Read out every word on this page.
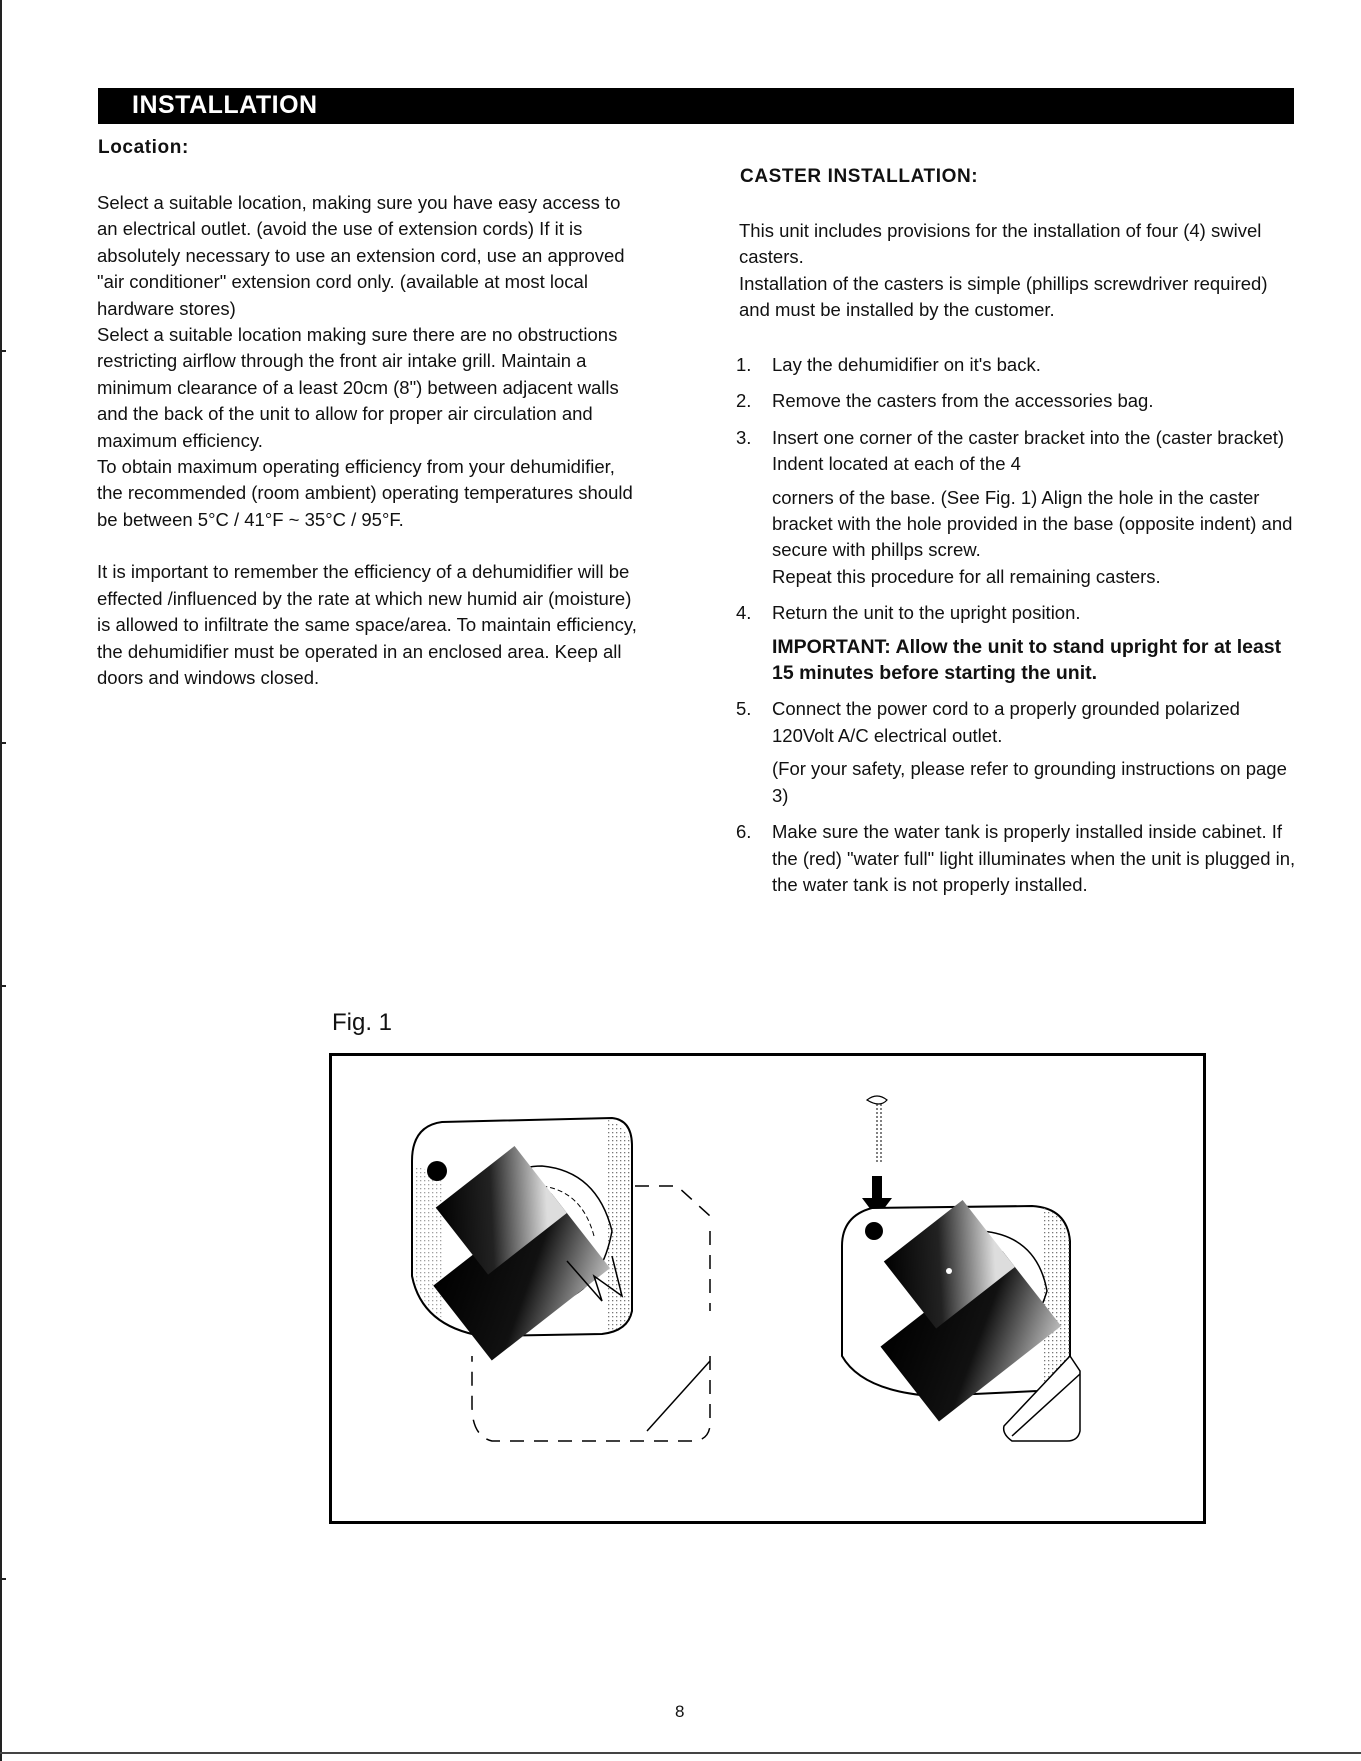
INSTALLATION
Location:

Select a suitable location, making sure you have easy access to an electrical outlet. (avoid the use of extension cords) If it is absolutely necessary to use an extension cord, use an approved "air conditioner" extension cord only. (available at most local hardware stores)

Select a suitable location making sure there are no obstructions restricting airflow through the front air intake grill. Maintain a minimum clearance of a least 20cm (8") between adjacent walls and the back of the unit to allow for proper air circulation and maximum efficiency.

To obtain maximum operating efficiency from your dehumidifier, the recommended (room ambient) operating temperatures should be between 5°C / 41°F ~ 35°C / 95°F.

It is important to remember the efficiency of a dehumidifier will be effected /influenced by the rate at which new humid air (moisture) is allowed to infiltrate the same space/area. To maintain efficiency, the dehumidifier must be operated in an enclosed area. Keep all doors and windows closed.

CASTER INSTALLATION:

This unit includes provisions for the installation of four (4) swivel casters.

Installation of the casters is simple (phillips screwdriver required) and must be installed by the customer.

1. Lay the dehumidifier on it's back.

2. Remove the casters from the accessories bag.

3. Insert one corner of the caster bracket into the (caster bracket) Indent located at each of the 4

corners of the base. (See Fig. 1) Align the hole in the caster bracket with the hole provided in the base (opposite indent) and secure with phillps screw.

Repeat this procedure for all remaining casters.

4. Return the unit to the upright position.

IMPORTANT: Allow the unit to stand upright for at least 15 minutes before starting the unit.

5. Connect the power cord to a properly grounded polarized 120Volt A/C electrical outlet.

(For your safety, please refer to grounding instructions on page 3)

6. Make sure the water tank is properly installed inside cabinet. If the (red) "water full" light illuminates when the unit is plugged in, the water tank is not properly installed.

Fig. 1
8
